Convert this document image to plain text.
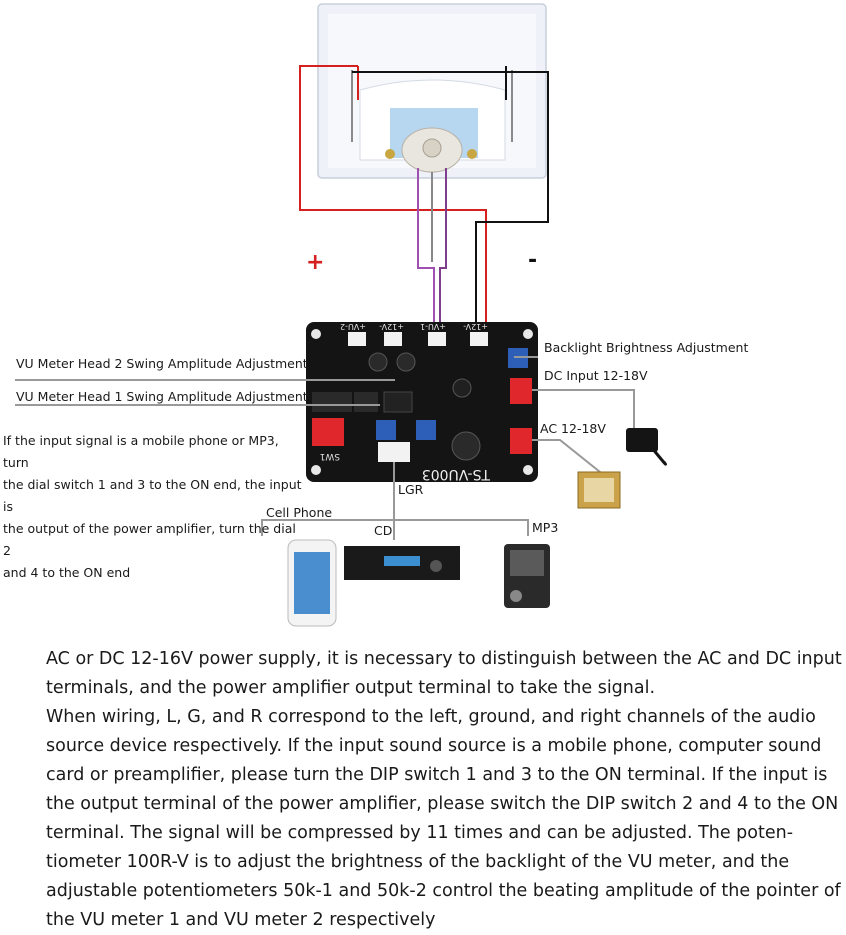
TS-VU003
SW1
+VU-2 +12V- +VU-1 +12V-
+	-
Backlight Brightness Adjustment
DC Input 12-18V
AC 12-18V
VU Meter Head 2 Swing Amplitude Adjustment
VU Meter Head 1 Swing Amplitude Adjustment
LGR
Cell Phone
CD	MP3
If the input signal is a mobile phone or MP3, turn
the dial switch 1 and 3 to the ON end, the input is
the output of the power amplifier, turn the dial 2
and 4 to the ON end

AC or DC 12-16V power supply, it is necessary to distinguish between the AC and DC input terminals, and the power amplifier output terminal to take the signal.

When wiring, L, G, and R correspond to the left, ground, and right channels of the audio source device respectively. If the input sound source is a mobile phone, computer sound card or preamplifier, please turn the DIP switch 1 and 3 to the ON terminal. If the input is the output terminal of the power amplifier, please switch the DIP switch 2 and 4 to the ON terminal. The signal will be compressed by 11 times and can be adjusted. The poten-tiometer 100R-V is to adjust the brightness of the backlight of the VU meter, and the adjustable potentiometers 50k-1 and 50k-2 control the beating amplitude of the pointer of the VU meter 1 and VU meter 2 respectively
